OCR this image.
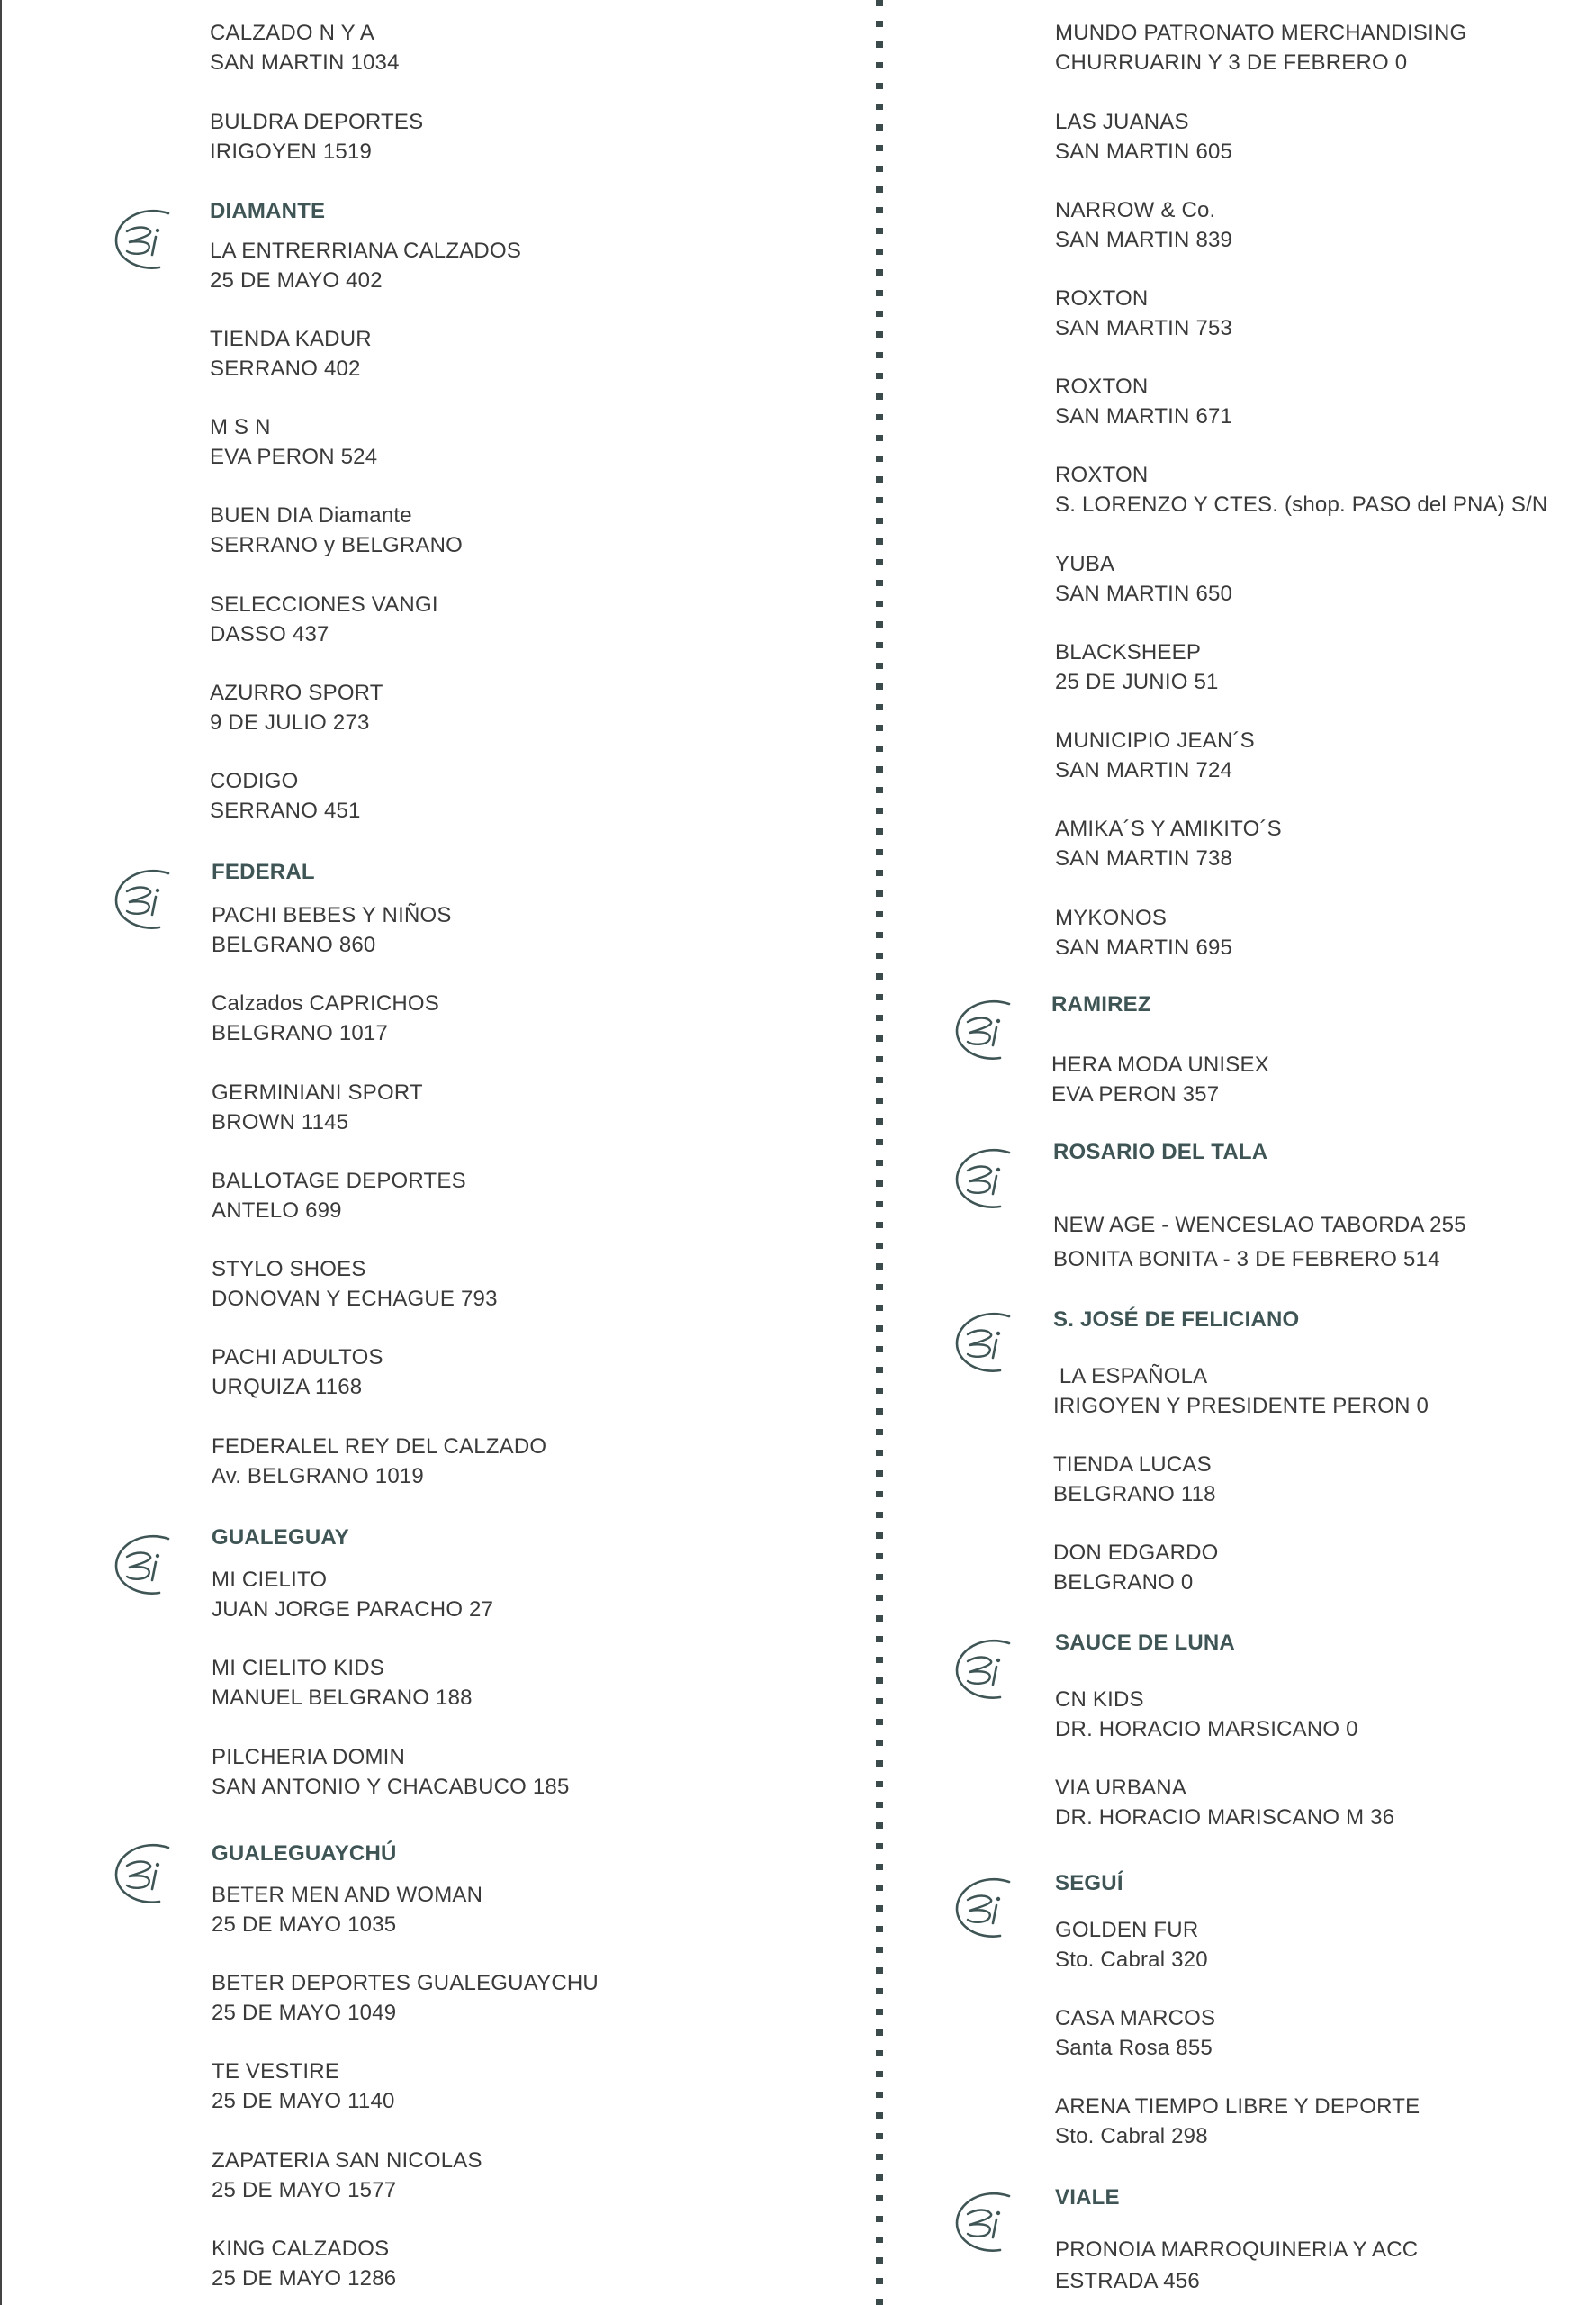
CALZADO N Y A
SAN MARTIN 1034
BULDRA DEPORTES
IRIGOYEN 1519
DIAMANTE
LA ENTRERRIANA CALZADOS
25 DE MAYO 402
TIENDA KADUR
SERRANO 402
M S N
EVA PERON 524
BUEN DIA Diamante
SERRANO y BELGRANO
SELECCIONES VANGI
DASSO 437
AZURRO SPORT
9 DE JULIO 273
CODIGO
SERRANO 451
FEDERAL
PACHI BEBES Y NIÑOS
BELGRANO 860
Calzados CAPRICHOS
BELGRANO 1017
GERMINIANI SPORT
BROWN 1145
BALLOTAGE DEPORTES
ANTELO 699
STYLO SHOES
DONOVAN Y ECHAGUE 793
PACHI ADULTOS
URQUIZA 1168
FEDERALEL REY DEL CALZADO
Av. BELGRANO 1019
GUALEGUAY
MI CIELITO
JUAN JORGE PARACHO 27
MI CIELITO KIDS
MANUEL BELGRANO 188
PILCHERIA DOMIN
SAN ANTONIO Y CHACABUCO 185
GUALEGUAYCHÚ
BETER MEN AND WOMAN
25 DE MAYO 1035
BETER DEPORTES GUALEGUAYCHU
25 DE MAYO 1049
TE VESTIRE
25 DE MAYO 1140
ZAPATERIA SAN NICOLAS
25 DE MAYO 1577
KING CALZADOS
25 DE MAYO 1286
MUNDO PATRONATO MERCHANDISING
CHURRUARIN Y 3 DE FEBRERO 0
LAS JUANAS
SAN MARTIN 605
NARROW & Co.
SAN MARTIN 839
ROXTON
SAN MARTIN 753
ROXTON
SAN MARTIN 671
ROXTON
S. LORENZO Y CTES. (shop. PASO del PNA) S/N
YUBA
SAN MARTIN 650
BLACKSHEEP
25 DE JUNIO 51
MUNICIPIO JEAN´S
SAN MARTIN 724
AMIKA´S Y AMIKITO´S
SAN MARTIN 738
MYKONOS
SAN MARTIN 695
RAMIREZ
HERA MODA UNISEX
EVA PERON 357
ROSARIO DEL TALA
NEW AGE - WENCESLAO TABORDA 255
BONITA BONITA - 3 DE FEBRERO 514
S. JOSÉ DE FELICIANO
LA ESPAÑOLA
IRIGOYEN Y PRESIDENTE PERON 0
TIENDA LUCAS
BELGRANO 118
DON EDGARDO
BELGRANO 0
SAUCE DE LUNA
CN KIDS
DR. HORACIO MARSICANO 0
VIA URBANA
DR. HORACIO MARISCANO M 36
SEGUÍ
GOLDEN FUR
Sto. Cabral 320
CASA MARCOS
Santa Rosa 855
ARENA TIEMPO LIBRE Y DEPORTE
Sto. Cabral 298
VIALE
PRONOIA MARROQUINERIA Y ACC
ESTRADA 456
